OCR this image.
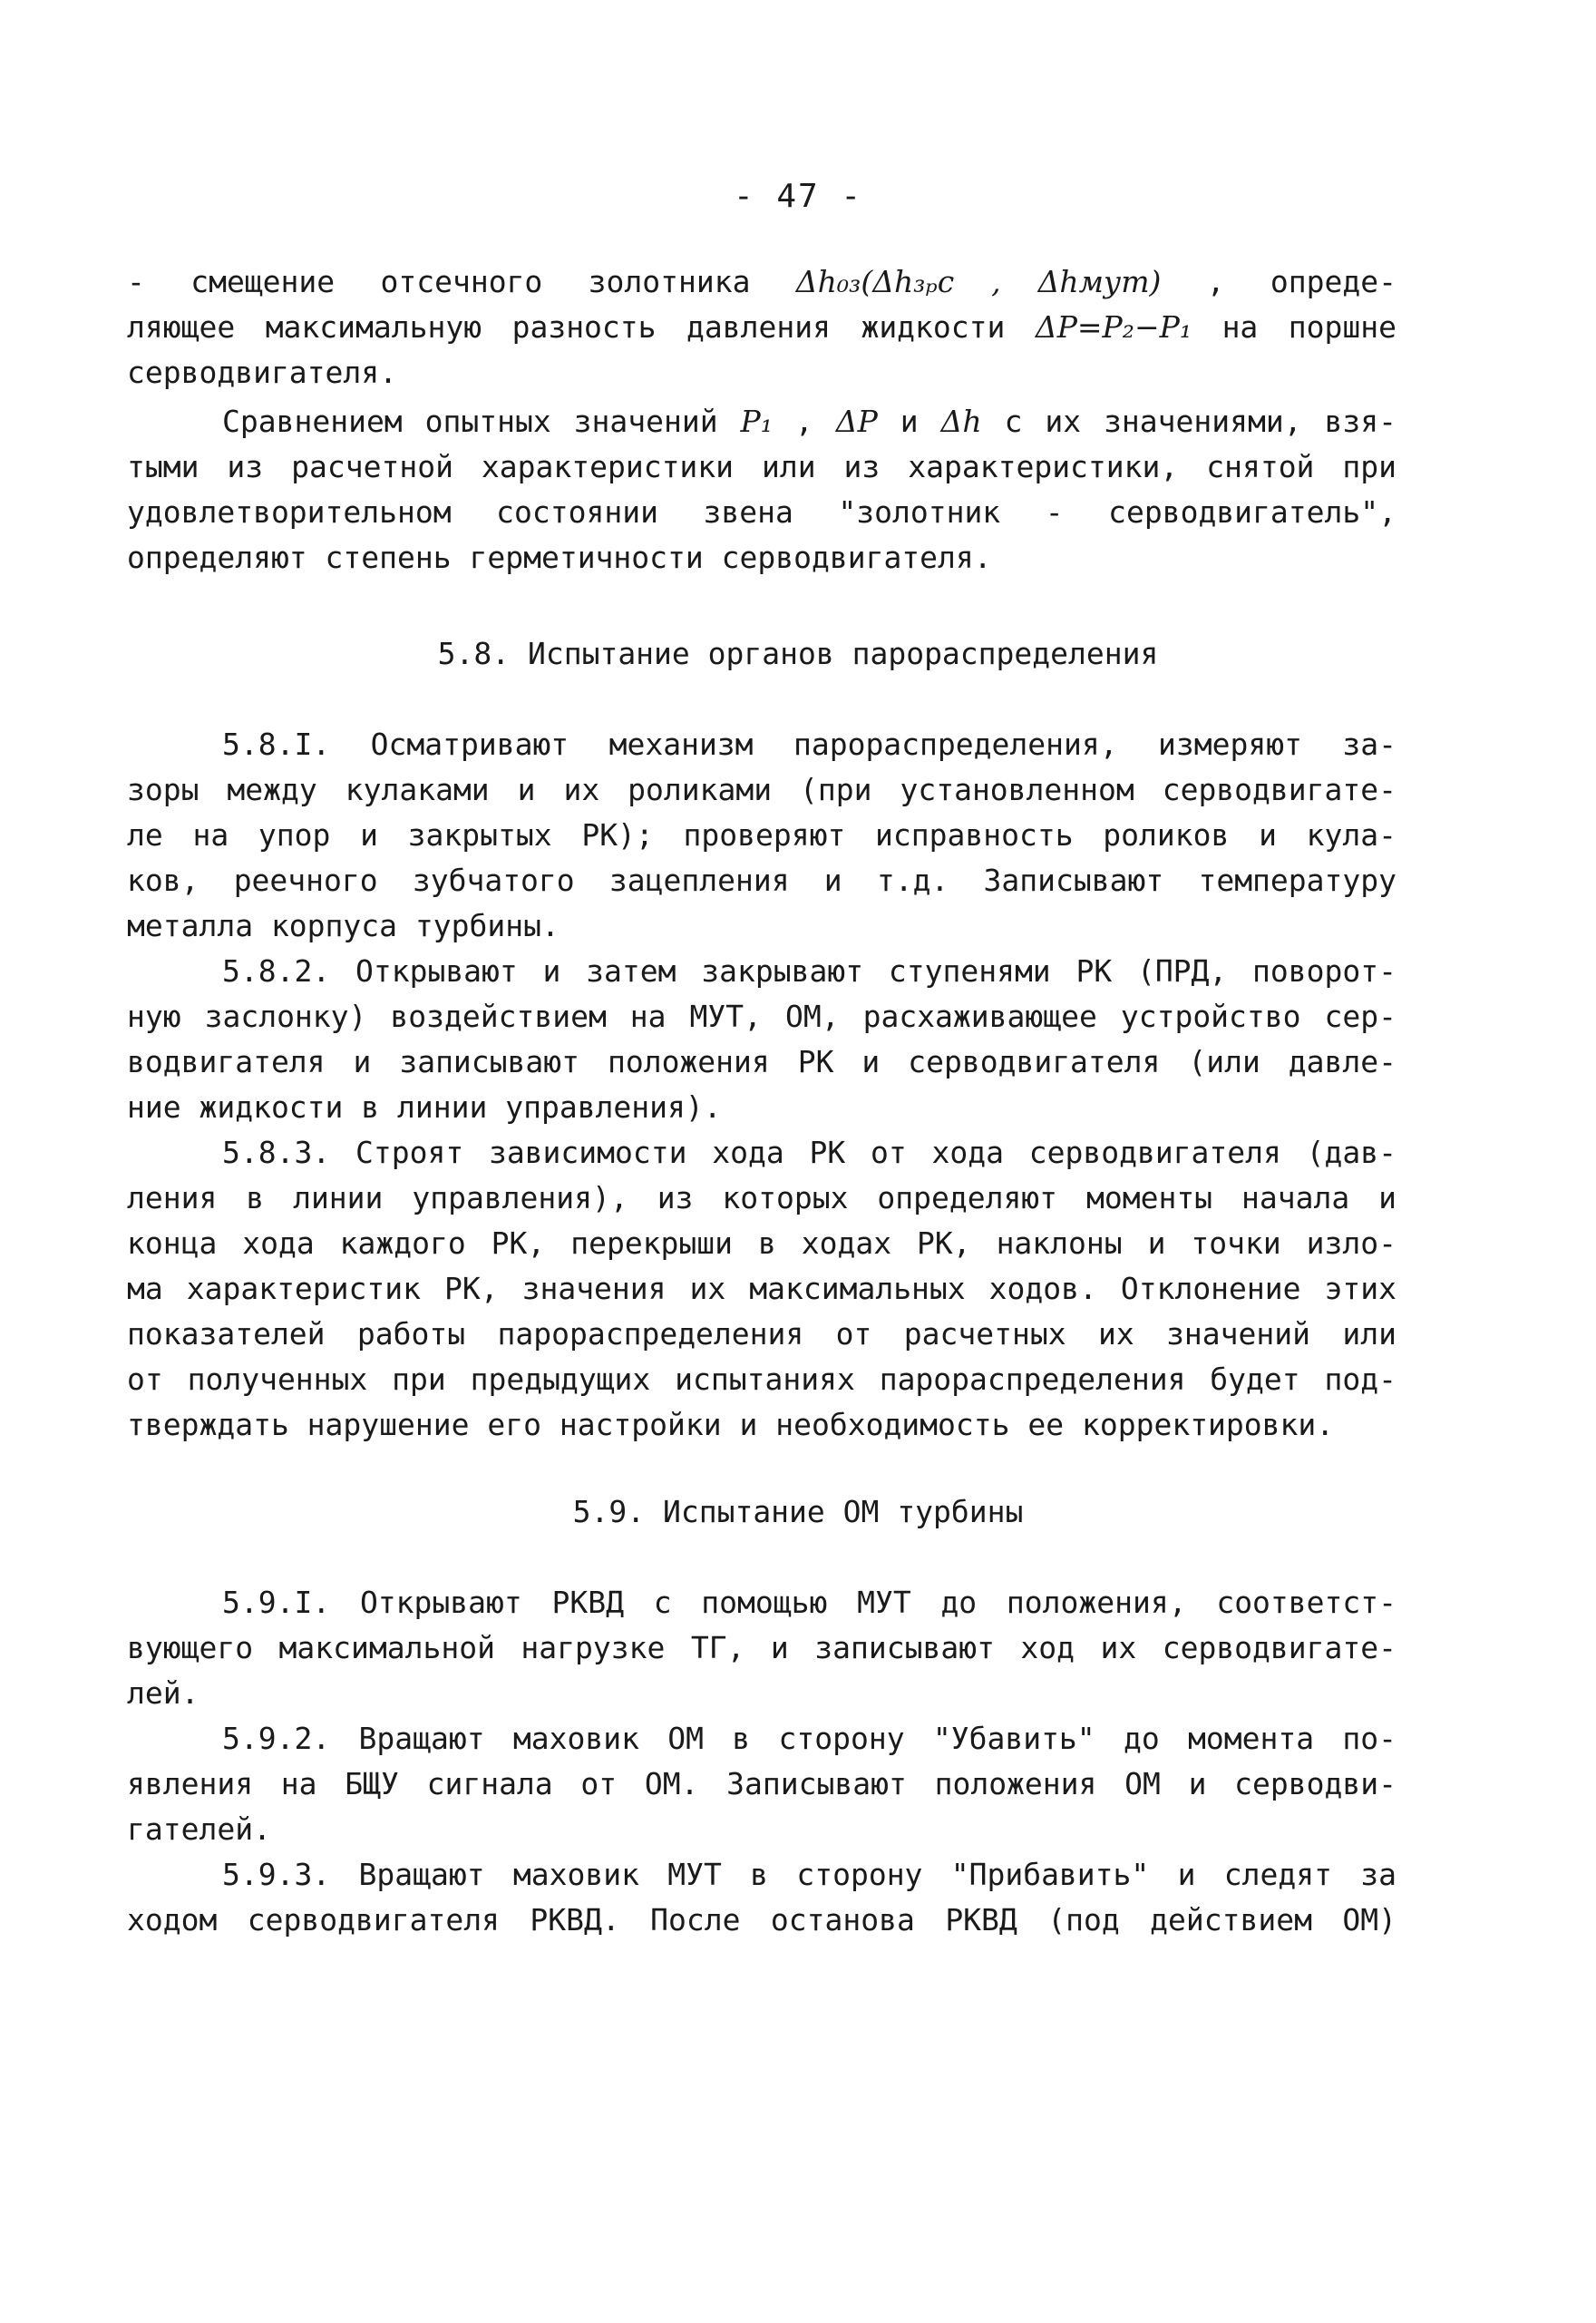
- 47 -
- смещение отсечного золотника Δh₀₃(Δh₃ₚс , Δhмут) , опреде-
ляющее максимальную разность давления жидкости ΔP=P₂−P₁ на поршне
серводвигателя.
Сравнением опытных значений P₁ , ΔP и Δh с их значениями, взя-
тыми из расчетной характеристики или из характеристики, снятой при
удовлетворительном состоянии звена "золотник - серводвигатель",
определяют степень герметичности серводвигателя.
5.8. Испытание органов парораспределения
5.8.I. Осматривают механизм парораспределения, измеряют за-
зоры между кулаками и их роликами (при установленном серводвигате-
ле на упор и закрытых РК); проверяют исправность роликов и кула-
ков, реечного зубчатого зацепления и т.д. Записывают температуру
металла корпуса турбины.
5.8.2. Открывают и затем закрывают ступенями РК (ПРД, поворот-
ную заслонку) воздействием на МУТ, ОМ, расхаживающее устройство сер-
водвигателя и записывают положения РК и серводвигателя (или давле-
ние жидкости в линии управления).
5.8.3. Строят зависимости хода РК от хода серводвигателя (дав-
ления в линии управления), из которых определяют моменты начала и
конца хода каждого РК, перекрыши в ходах РК, наклоны и точки изло-
ма характеристик РК, значения их максимальных ходов. Отклонение этих
показателей работы парораспределения от расчетных их значений или
от полученных при предыдущих испытаниях парораспределения будет под-
тверждать нарушение его настройки и необходимость ее корректировки.
5.9. Испытание ОМ турбины
5.9.I. Открывают РКВД с помощью МУТ до положения, соответст-
вующего максимальной нагрузке ТГ, и записывают ход их серводвигате-
лей.
5.9.2. Вращают маховик ОМ в сторону "Убавить" до момента по-
явления на БЩУ сигнала от ОМ. Записывают положения ОМ и серводви-
гателей.
5.9.3. Вращают маховик МУТ в сторону "Прибавить" и следят за
ходом серводвигателя РКВД. После останова РКВД (под действием ОМ)
